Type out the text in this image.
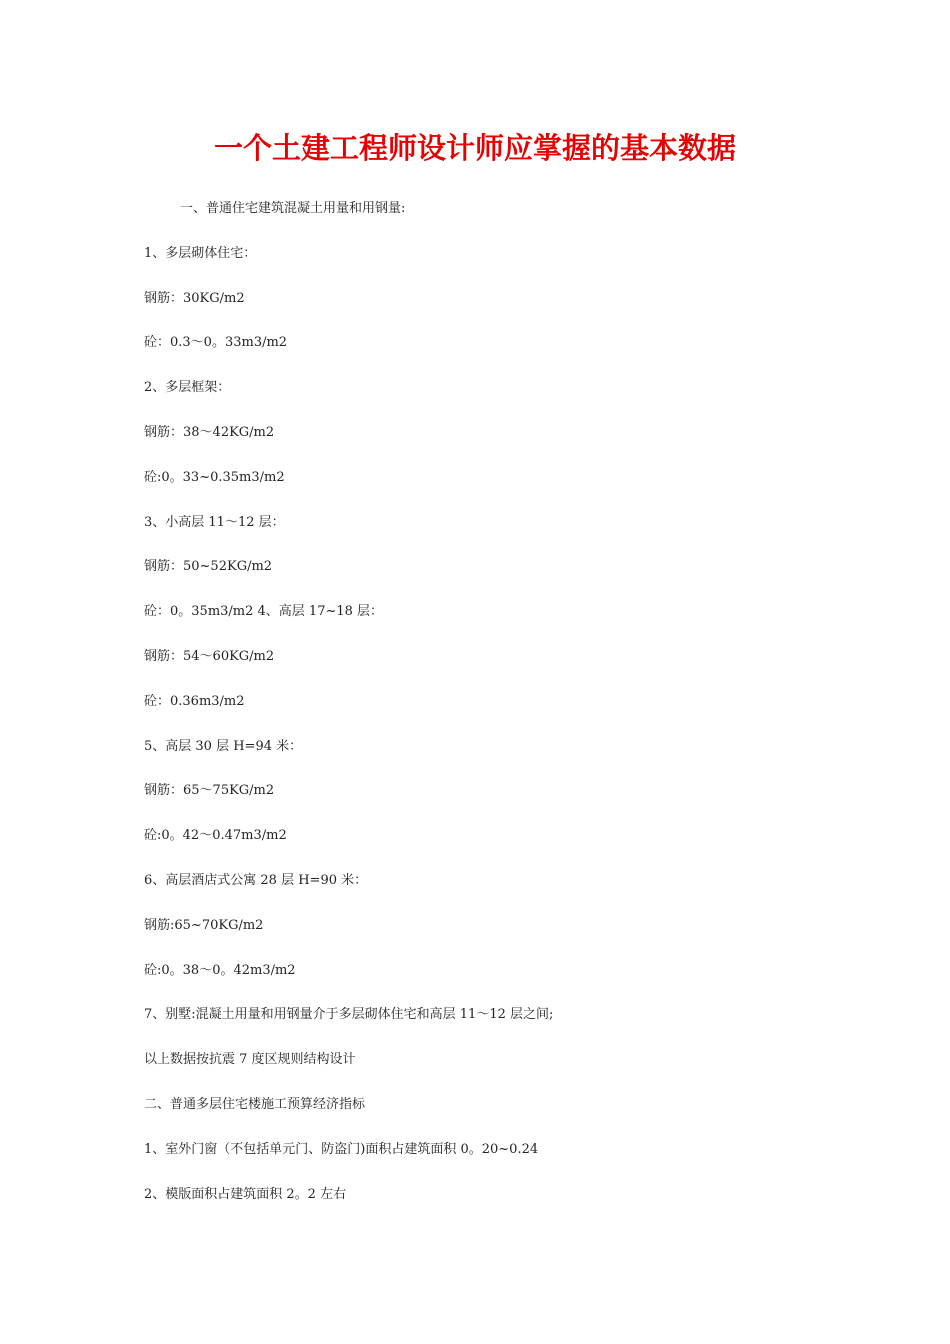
一个土建工程师设计师应掌握的基本数据
一、普通住宅建筑混凝土用量和用钢量:
1、多层砌体住宅：
钢筋：30KG/m2
砼：0.3～0。33m3/m2
2、多层框架：
钢筋：38～42KG/m2
砼:0。33~0.35m3/m2
3、小高层 11～12 层：
钢筋：50~52KG/m2
砼：0。35m3/m2 4、高层 17~18 层：
钢筋：54～60KG/m2
砼：0.36m3/m2
5、高层 30 层 H=94 米：
钢筋：65～75KG/m2
砼:0。42～0.47m3/m2
6、高层酒店式公寓 28 层 H=90 米：
钢筋:65~70KG/m2
砼:0。38～0。42m3/m2
7、别墅:混凝土用量和用钢量介于多层砌体住宅和高层 11～12 层之间;
以上数据按抗震 7 度区规则结构设计
二、普通多层住宅楼施工预算经济指标
1、室外门窗（不包括单元门、防盗门)面积占建筑面积 0。20~0.24
2、模版面积占建筑面积 2。2 左右
